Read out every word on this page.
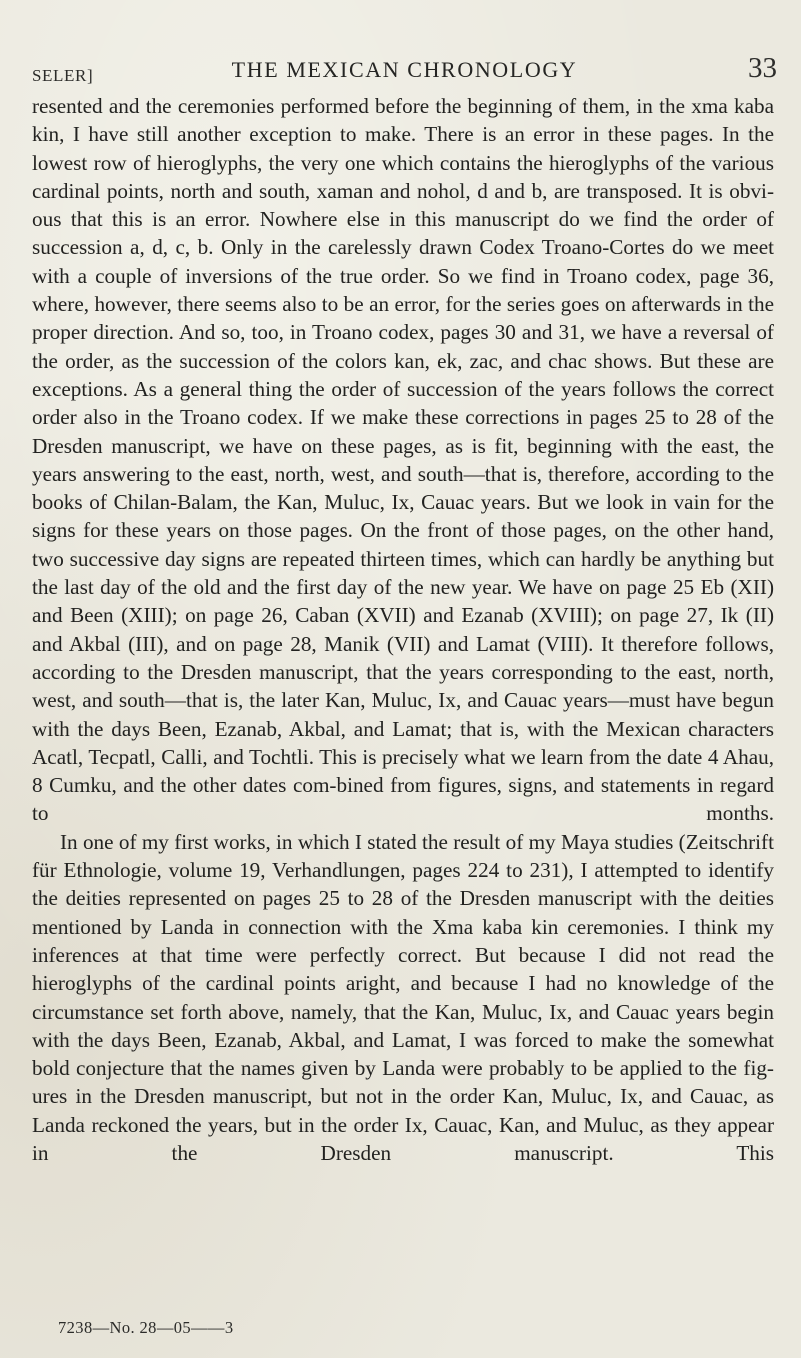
SELER]	THE MEXICAN CHRONOLOGY	33

resented and the ceremonies performed before the beginning of them, in the xma kaba kin, I have still another exception to make. There is an error in these pages. In the lowest row of hieroglyphs, the very one which contains the hieroglyphs of the various cardinal points, north and south, xaman and nohol, d and b, are transposed. It is obvi-ous that this is an error. Nowhere else in this manuscript do we find the order of succession a, d, c, b. Only in the carelessly drawn Codex Troano-Cortes do we meet with a couple of inversions of the true order. So we find in Troano codex, page 36, where, however, there seems also to be an error, for the series goes on afterwards in the proper direction. And so, too, in Troano codex, pages 30 and 31, we have a reversal of the order, as the succession of the colors kan, ek, zac, and chac shows. But these are exceptions. As a general thing the order of succession of the years follows the correct order also in the Troano codex. If we make these corrections in pages 25 to 28 of the Dresden manuscript, we have on these pages, as is fit, beginning with the east, the years answering to the east, north, west, and south—that is, therefore, according to the books of Chilan-Balam, the Kan, Muluc, Ix, Cauac years. But we look in vain for the signs for these years on those pages. On the front of those pages, on the other hand, two successive day signs are repeated thirteen times, which can hardly be anything but the last day of the old and the first day of the new year. We have on page 25 Eb (XII) and Been (XIII); on page 26, Caban (XVII) and Ezanab (XVIII); on page 27, Ik (II) and Akbal (III), and on page 28, Manik (VII) and Lamat (VIII). It therefore follows, according to the Dresden manuscript, that the years corresponding to the east, north, west, and south—that is, the later Kan, Muluc, Ix, and Cauac years—must have begun with the days Been, Ezanab, Akbal, and Lamat; that is, with the Mexican characters Acatl, Tecpatl, Calli, and Tochtli. This is precisely what we learn from the date 4 Ahau, 8 Cumku, and the other dates com-bined from figures, signs, and statements in regard to months.

In one of my first works, in which I stated the result of my Maya studies (Zeitschrift für Ethnologie, volume 19, Verhandlungen, pages 224 to 231), I attempted to identify the deities represented on pages 25 to 28 of the Dresden manuscript with the deities mentioned by Landa in connection with the Xma kaba kin ceremonies. I think my inferences at that time were perfectly correct. But because I did not read the hieroglyphs of the cardinal points aright, and because I had no knowledge of the circumstance set forth above, namely, that the Kan, Muluc, Ix, and Cauac years begin with the days Been, Ezanab, Akbal, and Lamat, I was forced to make the somewhat bold conjecture that the names given by Landa were probably to be applied to the fig-ures in the Dresden manuscript, but not in the order Kan, Muluc, Ix, and Cauac, as Landa reckoned the years, but in the order Ix, Cauac, Kan, and Muluc, as they appear in the Dresden manuscript. This

7238—No. 28—05——3
